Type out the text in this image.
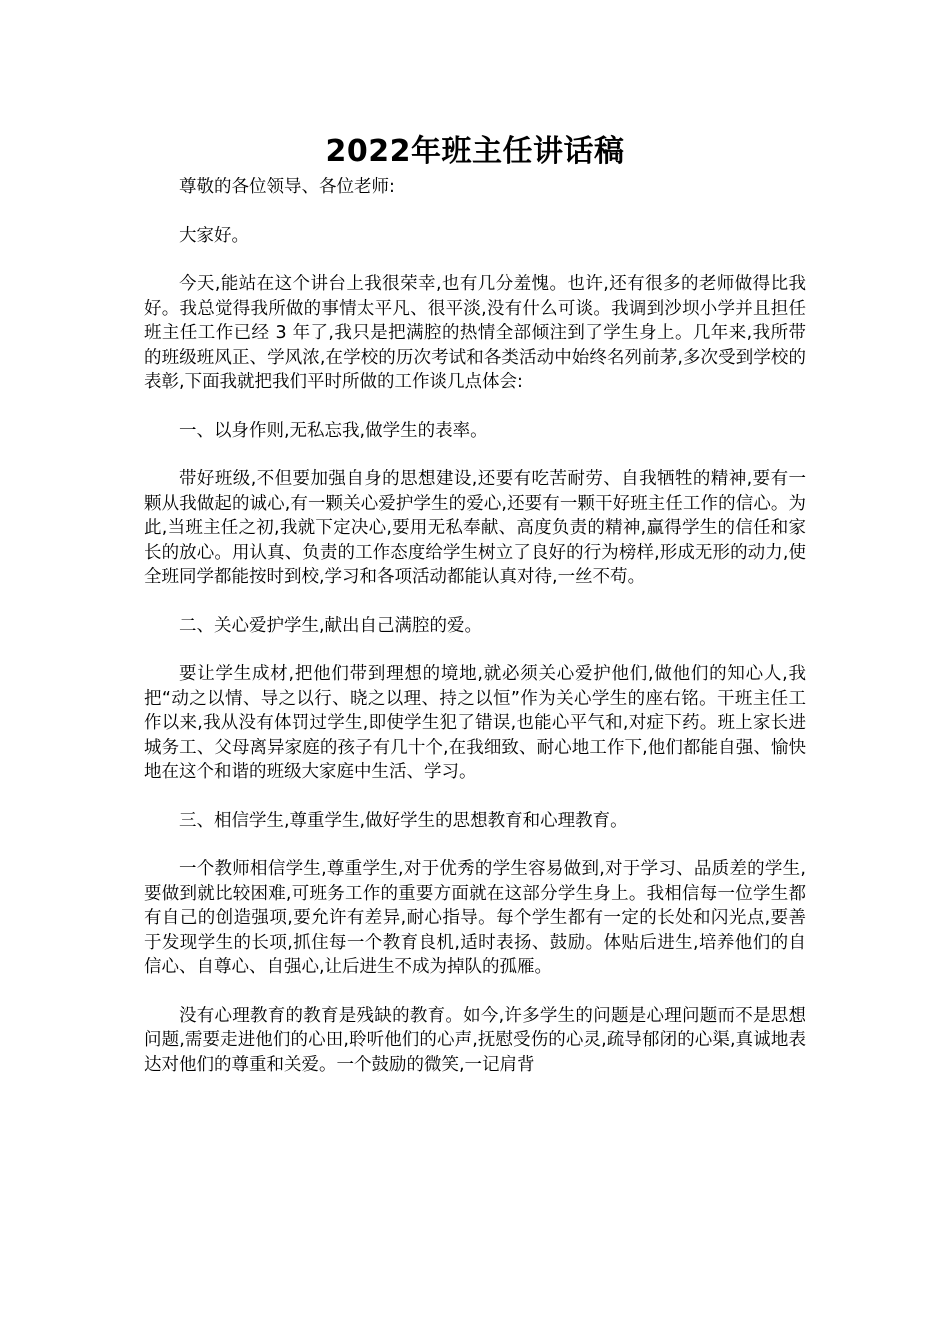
2022年班主任讲话稿

尊敬的各位领导、各位老师:

大家好。

今天,能站在这个讲台上我很荣幸,也有几分羞愧。也许,还有很多的老师做得比我好。我总觉得我所做的事情太平凡、很平淡,没有什么可谈。我调到沙坝小学并且担任班主任工作已经 3 年了,我只是把满腔的热情全部倾注到了学生身上。几年来,我所带的班级班风正、学风浓,在学校的历次考试和各类活动中始终名列前茅,多次受到学校的表彰,下面我就把我们平时所做的工作谈几点体会:

一、以身作则,无私忘我,做学生的表率。

带好班级,不但要加强自身的思想建设,还要有吃苦耐劳、自我牺牲的精神,要有一颗从我做起的诚心,有一颗关心爱护学生的爱心,还要有一颗干好班主任工作的信心。为此,当班主任之初,我就下定决心,要用无私奉献、高度负责的精神,赢得学生的信任和家长的放心。用认真、负责的工作态度给学生树立了良好的行为榜样,形成无形的动力,使全班同学都能按时到校,学习和各项活动都能认真对待,一丝不苟。

二、关心爱护学生,献出自己满腔的爱。

要让学生成材,把他们带到理想的境地,就必须关心爱护他们,做他们的知心人,我把“动之以情、导之以行、晓之以理、持之以恒”作为关心学生的座右铭。干班主任工作以来,我从没有体罚过学生,即使学生犯了错误,也能心平气和,对症下药。班上家长进城务工、父母离异家庭的孩子有几十个,在我细致、耐心地工作下,他们都能自强、愉快地在这个和谐的班级大家庭中生活、学习。

三、相信学生,尊重学生,做好学生的思想教育和心理教育。

一个教师相信学生,尊重学生,对于优秀的学生容易做到,对于学习、品质差的学生,要做到就比较困难,可班务工作的重要方面就在这部分学生身上。我相信每一位学生都有自己的创造强项,要允许有差异,耐心指导。每个学生都有一定的长处和闪光点,要善于发现学生的长项,抓住每一个教育良机,适时表扬、鼓励。体贴后进生,培养他们的自信心、自尊心、自强心,让后进生不成为掉队的孤雁。

没有心理教育的教育是残缺的教育。如今,许多学生的问题是心理问题而不是思想问题,需要走进他们的心田,聆听他们的心声,抚慰受伤的心灵,疏导郁闭的心渠,真诚地表达对他们的尊重和关爱。一个鼓励的微笑,一记肩背
